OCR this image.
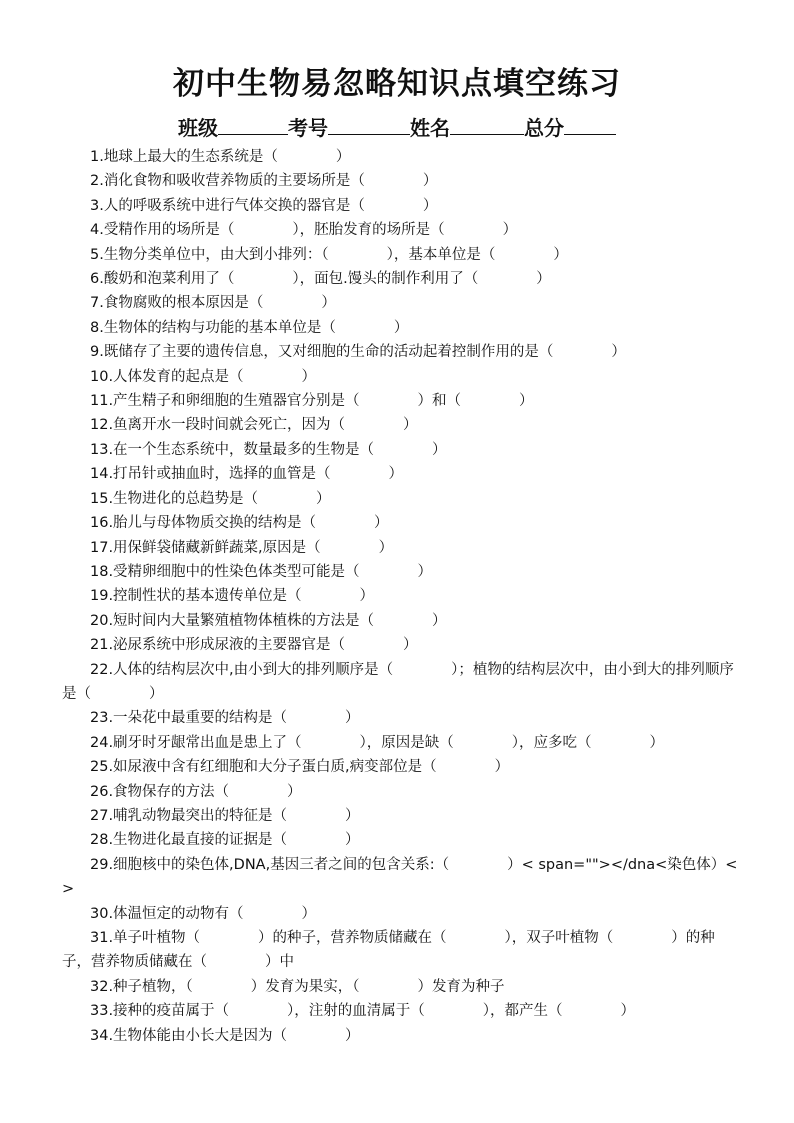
初中生物易忽略知识点填空练习
班级	考号	姓名	总分

1.地球上最大的生态系统是（　　　　）

2.消化食物和吸收营养物质的主要场所是（　　　　）

3.人的呼吸系统中进行气体交换的器官是（　　　　）

4.受精作用的场所是（　　　　），胚胎发育的场所是（　　　　）

5.生物分类单位中，由大到小排列：（　　　　），基本单位是（　　　　）

6.酸奶和泡菜利用了（　　　　），面包.馒头的制作利用了（　　　　）

7.食物腐败的根本原因是（　　　　）

8.生物体的结构与功能的基本单位是（　　　　）

9.既储存了主要的遗传信息，又对细胞的生命的活动起着控制作用的是（　　　　）

10.人体发育的起点是（　　　　）

11.产生精子和卵细胞的生殖器官分别是（　　　　）和（　　　　）

12.鱼离开水一段时间就会死亡，因为（　　　　）

13.在一个生态系统中，数量最多的生物是（　　　　）

14.打吊针或抽血时，选择的血管是（　　　　）

15.生物进化的总趋势是（　　　　）

16.胎儿与母体物质交换的结构是（　　　　）

17.用保鲜袋储藏新鲜蔬菜,原因是（　　　　）

18.受精卵细胞中的性染色体类型可能是（　　　　）

19.控制性状的基本遗传单位是（　　　　）

20.短时间内大量繁殖植物体植株的方法是（　　　　）

21.泌尿系统中形成尿液的主要器官是（　　　　）

22.人体的结构层次中,由小到大的排列顺序是（　　　　）；植物的结构层次中，由小到大的排列顺序是（　　　　）

23.一朵花中最重要的结构是（　　　　）

24.刷牙时牙龈常出血是患上了（　　　　），原因是缺（　　　　），应多吃（　　　　）

25.如尿液中含有红细胞和大分子蛋白质,病变部位是（　　　　）

26.食物保存的方法（　　　　）

27.哺乳动物最突出的特征是（　　　　）

28.生物进化最直接的证据是（　　　　）

29.细胞核中的染色体,DNA,基因三者之间的包含关系:（　　　　）< span=""></dna<染色体）<>

30.体温恒定的动物有（　　　　）

31.单子叶植物（　　　　）的种子，营养物质储藏在（　　　　），双子叶植物（　　　　）的种子，营养物质储藏在（　　　　）中

32.种子植物，（　　　　）发育为果实，（　　　　）发育为种子

33.接种的疫苗属于（　　　　），注射的血清属于（　　　　），都产生（　　　　）

34.生物体能由小长大是因为（　　　　）
